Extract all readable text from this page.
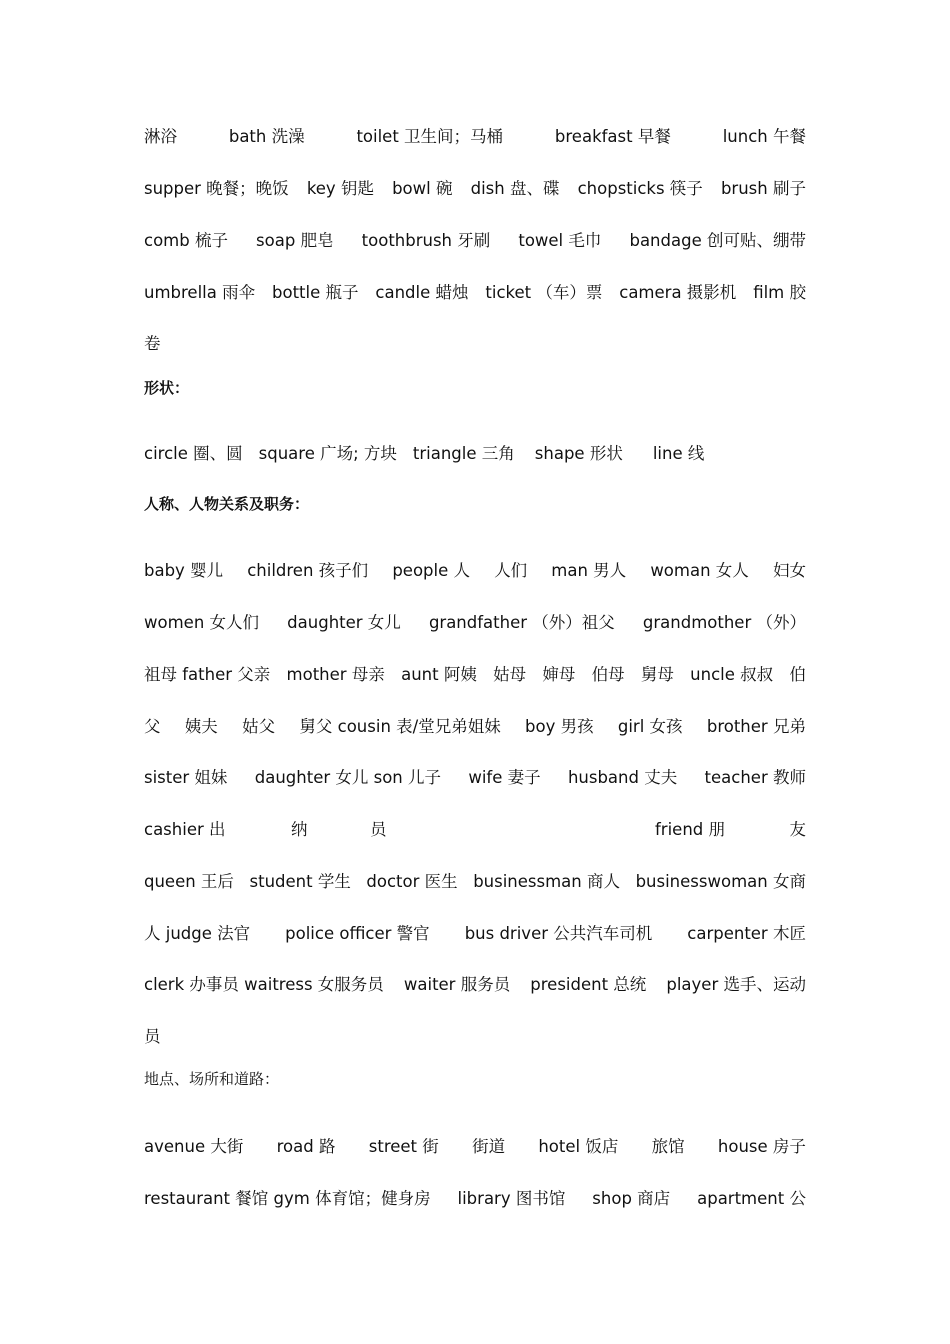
淋浴	bath 洗澡	toilet 卫生间；马桶	breakfast 早餐	lunch 午餐
supper 晚餐；晚饭 key 钥匙 bowl 碗 dish 盘、碟 chopsticks 筷子 brush 刷子
comb 梳子 soap 肥皂 toothbrush 牙刷 towel 毛巾 bandage 创可贴、绷带
umbrella 雨伞 bottle 瓶子 candle 蜡烛 ticket （车）票 camera 摄影机 film 胶
卷
形状：
circle 圈、圆 square 广场; 方块 triangle 三角 shape 形状 line 线
人称、人物关系及职务：
baby 婴儿 children 孩子们 people 人 人们 man 男人 woman 女人 妇女
women 女人们 daughter 女儿 grandfather （外）祖父 grandmother （外）
祖母 father 父亲 mother 母亲 aunt 阿姨 姑母 婶母 伯母 舅母 uncle 叔叔 伯
父 姨夫 姑父 舅父 cousin 表/堂兄弟姐妹 boy 男孩 girl 女孩 brother 兄弟
sister 姐妹 daughter 女儿 son 儿子 wife 妻子 husband 丈夫 teacher 教师
cashier 出	纳	员	friend 朋	友
queen 王后 student 学生 doctor 医生 businessman 商人 businesswoman 女商
人 judge 法官 police officer 警官 bus driver 公共汽车司机 carpenter 木匠
clerk 办事员 waitress 女服务员 waiter 服务员 president 总统 player 选手、运动
员
地点、场所和道路：
avenue 大街 road 路 street 街 街道 hotel 饭店 旅馆 house 房子
restaurant 餐馆 gym 体育馆；健身房 library 图书馆 shop 商店 apartment 公
